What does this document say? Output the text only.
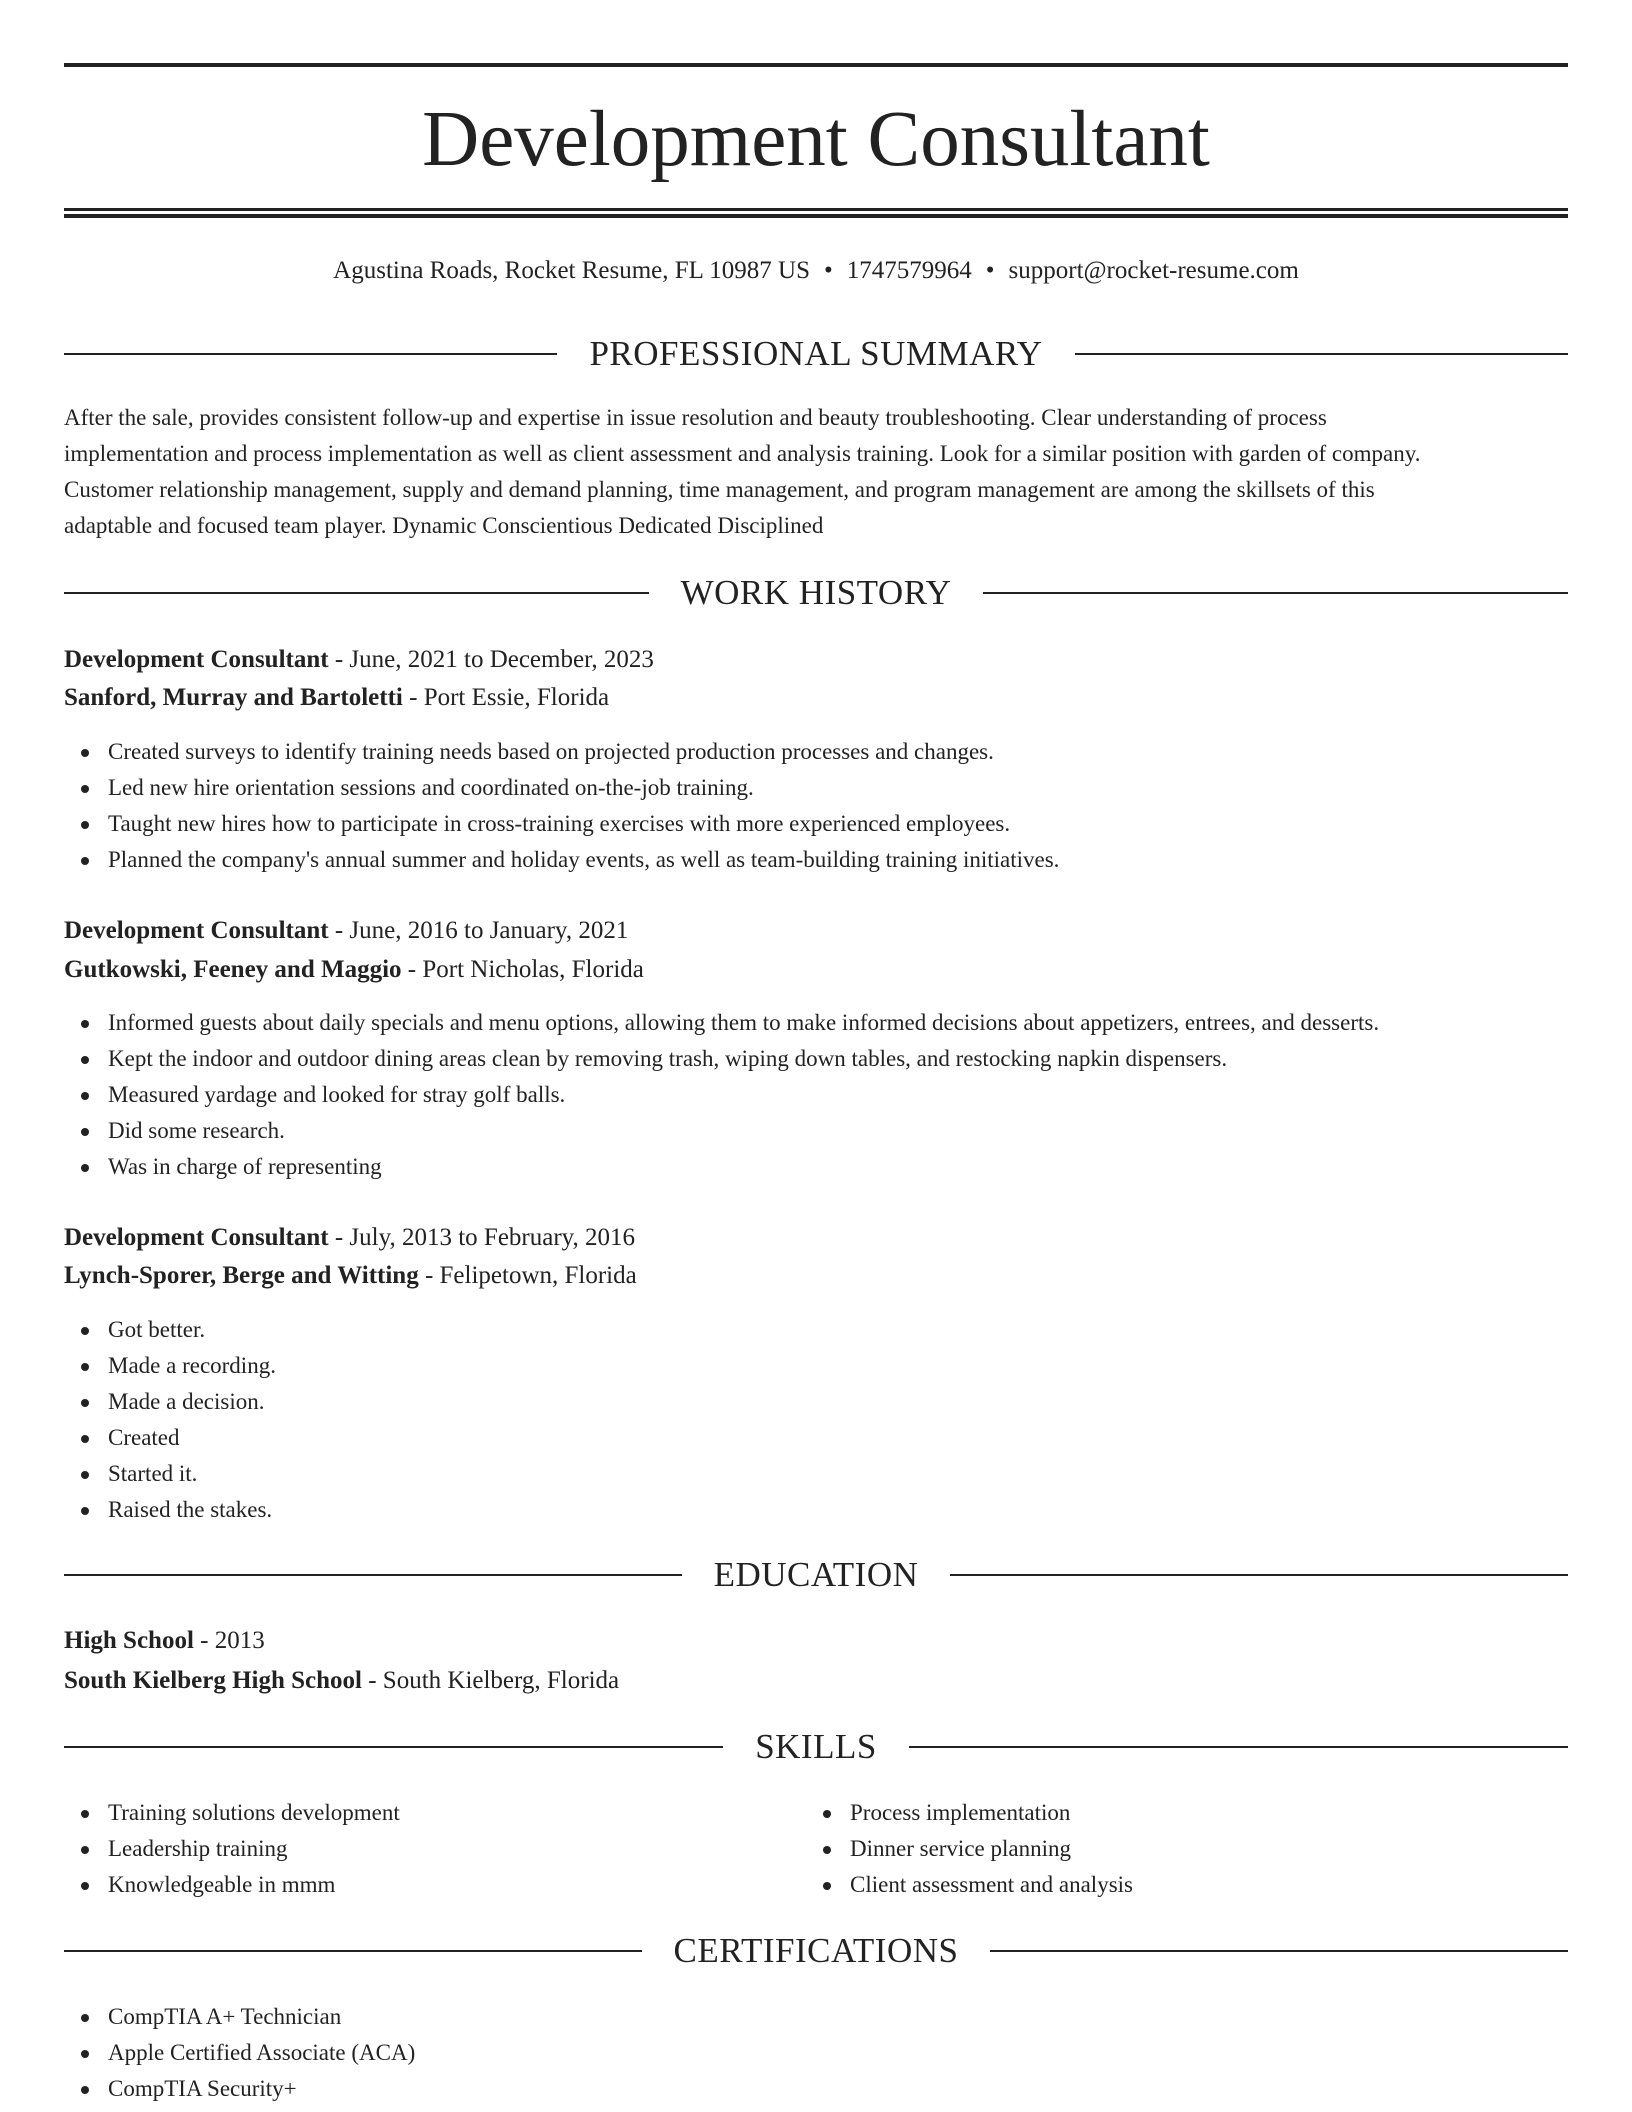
Development Consultant
Agustina Roads, Rocket Resume, FL 10987 US • 1747579964 • support@rocket-resume.com
PROFESSIONAL SUMMARY
After the sale, provides consistent follow-up and expertise in issue resolution and beauty troubleshooting. Clear understanding of process
implementation and process implementation as well as client assessment and analysis training. Look for a similar position with garden of company.
Customer relationship management, supply and demand planning, time management, and program management are among the skillsets of this
adaptable and focused team player. Dynamic Conscientious Dedicated Disciplined
WORK HISTORY
Development Consultant - June, 2021 to December, 2023
Sanford, Murray and Bartoletti - Port Essie, Florida
Created surveys to identify training needs based on projected production processes and changes.
Led new hire orientation sessions and coordinated on-the-job training.
Taught new hires how to participate in cross-training exercises with more experienced employees.
Planned the company's annual summer and holiday events, as well as team-building training initiatives.
Development Consultant - June, 2016 to January, 2021
Gutkowski, Feeney and Maggio - Port Nicholas, Florida
Informed guests about daily specials and menu options, allowing them to make informed decisions about appetizers, entrees, and desserts.
Kept the indoor and outdoor dining areas clean by removing trash, wiping down tables, and restocking napkin dispensers.
Measured yardage and looked for stray golf balls.
Did some research.
Was in charge of representing
Development Consultant - July, 2013 to February, 2016
Lynch-Sporer, Berge and Witting - Felipetown, Florida
Got better.
Made a recording.
Made a decision.
Created
Started it.
Raised the stakes.
EDUCATION
High School - 2013
South Kielberg High School - South Kielberg, Florida
SKILLS
Training solutions development
Leadership training
Knowledgeable in mmm
Process implementation
Dinner service planning
Client assessment and analysis
CERTIFICATIONS
CompTIA A+ Technician
Apple Certified Associate (ACA)
CompTIA Security+
